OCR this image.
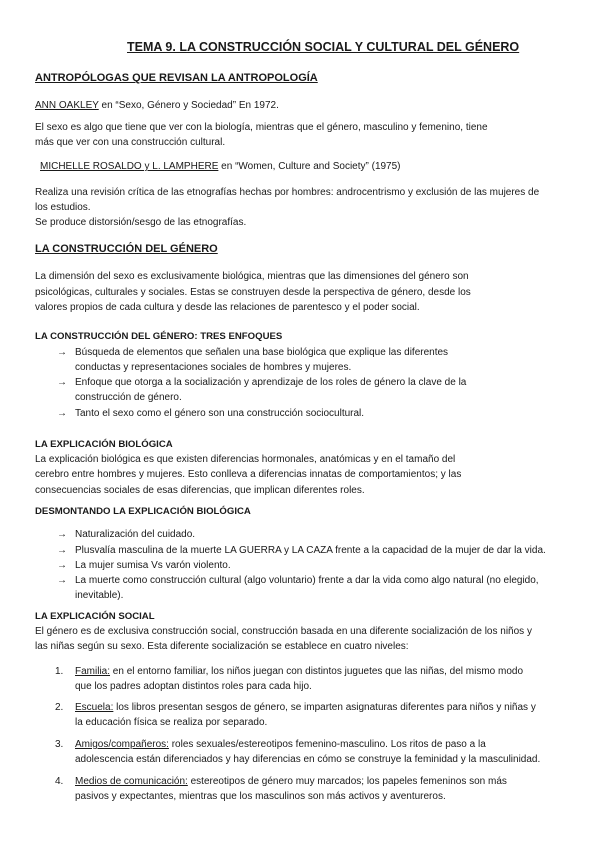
TEMA 9. LA CONSTRUCCIÓN SOCIAL Y CULTURAL DEL GÉNERO
ANTROPÓLOGAS QUE REVISAN LA ANTROPOLOGÍA
ANN OAKLEY en “Sexo, Género y Sociedad” En 1972.
El sexo es algo que tiene que ver con la biología, mientras que el género, masculino y femenino, tiene
más que ver con una construcción cultural.
MICHELLE ROSALDO y L. LAMPHERE en “Women, Culture and Society” (1975)
Realiza una revisión crítica de las etnografías hechas por hombres: androcentrismo y exclusión de las mujeres de
los estudios.
Se produce distorsión/sesgo de las etnografías.
LA CONSTRUCCIÓN DEL GÉNERO
La dimensión del sexo es exclusivamente biológica, mientras que las dimensiones del género son
psicológicas, culturales y sociales. Estas se construyen desde la perspectiva de género, desde los
valores propios de cada cultura y desde las relaciones de parentesco y el poder social.
LA CONSTRUCCIÓN DEL GÉNERO: TRES ENFOQUES
→ Búsqueda de elementos que señalen una base biológica que explique las diferentes
conductas y representaciones sociales de hombres y mujeres.
→ Enfoque que otorga a la socialización y aprendizaje de los roles de género la clave de la
construcción de género.
→ Tanto el sexo como el género son una construcción sociocultural.
LA EXPLICACIÓN BIOLÓGICA
La explicación biológica es que existen diferencias hormonales, anatómicas y en el tamaño del
cerebro entre hombres y mujeres. Esto conlleva a diferencias innatas de comportamientos; y las
consecuencias sociales de esas diferencias, que implican diferentes roles.
DESMONTANDO LA EXPLICACIÓN BIOLÓGICA
→ Naturalización del cuidado.
→ Plusvalía masculina de la muerte LA GUERRA y LA CAZA frente a la capacidad de la mujer de dar la vida.
→ La mujer sumisa Vs varón violento.
→ La muerte como construcción cultural (algo voluntario) frente a dar la vida como algo natural (no elegido,
inevitable).
LA EXPLICACIÓN SOCIAL
El género es de exclusiva construcción social, construcción basada en una diferente socialización de los niños y
las niñas según su sexo. Esta diferente socialización se establece en cuatro niveles:
1. Familia: en el entorno familiar, los niños juegan con distintos juguetes que las niñas, del mismo modo
que los padres adoptan distintos roles para cada hijo.
2. Escuela: los libros presentan sesgos de género, se imparten asignaturas diferentes para niños y niñas y
la educación física se realiza por separado.
3. Amigos/compañeros: roles sexuales/estereotipos femenino-masculino. Los ritos de paso a la
adolescencia están diferenciados y hay diferencias en cómo se construye la feminidad y la masculinidad.
4. Medios de comunicación: estereotipos de género muy marcados; los papeles femeninos son más
pasivos y expectantes, mientras que los masculinos son más activos y aventureros.
